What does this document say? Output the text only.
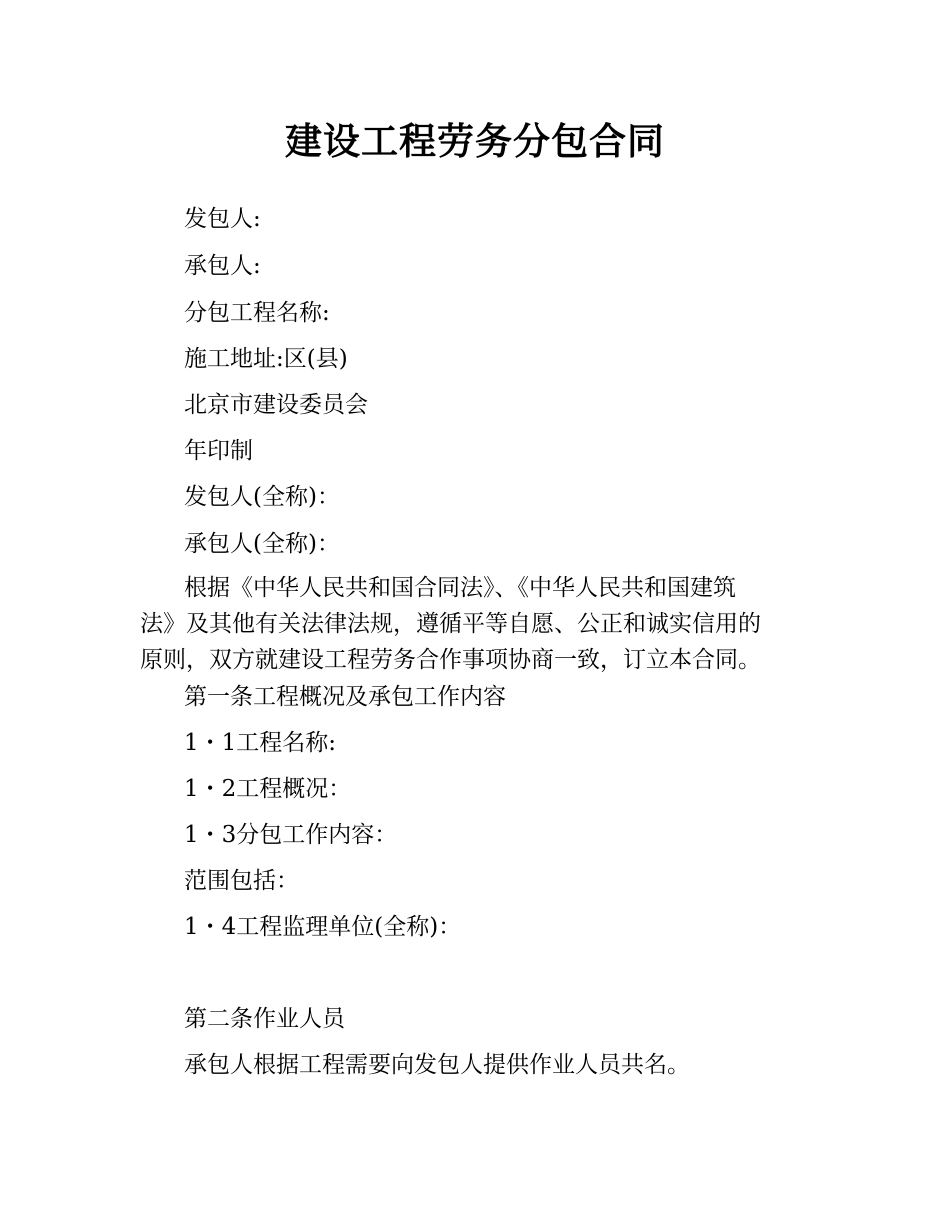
建设工程劳务分包合同
发包人:
承包人:
分包工程名称:
施工地址:区(县)
北京市建设委员会
年印制
发包人(全称)：
承包人(全称)：
根据《中华人民共和国合同法》、《中华人民共和国建筑
法》及其他有关法律法规，遵循平等自愿、公正和诚实信用的
原则，双方就建设工程劳务合作事项协商一致，订立本合同。
第一条工程概况及承包工作内容
1・1工程名称:
1・2工程概况：
1・3分包工作内容：
范围包括：
1・4工程监理单位(全称)：
第二条作业人员
承包人根据工程需要向发包人提供作业人员共名。
